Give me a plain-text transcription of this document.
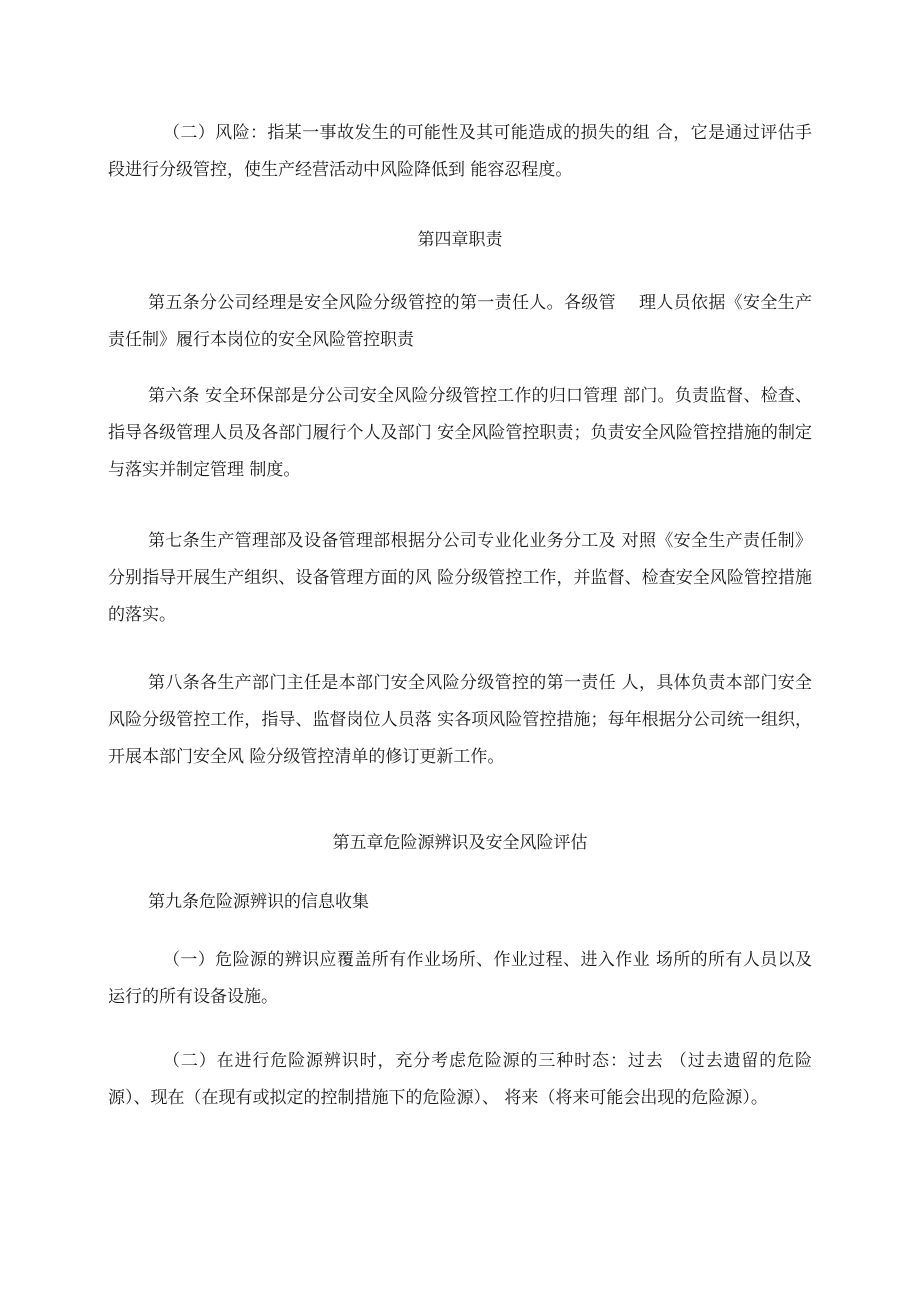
（二）风险：指某一事故发生的可能性及其可能造成的损失的组 合，它是通过评估手段进行分级管控，使生产经营活动中风险降低到 能容忍程度。

第四章职责

第五条分公司经理是安全风险分级管控的第一责任人。各级管　 理人员依据《安全生产责任制》履行本岗位的安全风险管控职责

第六条 安全环保部是分公司安全风险分级管控工作的归口管理 部门。负责监督、检查、指导各级管理人员及各部门履行个人及部门 安全风险管控职责；负责安全风险管控措施的制定与落实并制定管理 制度。

第七条生产管理部及设备管理部根据分公司专业化业务分工及 对照《安全生产责任制》分别指导开展生产组织、设备管理方面的风 险分级管控工作，并监督、检查安全风险管控措施的落实。

第八条各生产部门主任是本部门安全风险分级管控的第一责任 人，具体负责本部门安全风险分级管控工作，指导、监督岗位人员落 实各项风险管控措施；每年根据分公司统一组织，开展本部门安全风 险分级管控清单的修订更新工作。

第五章危险源辨识及安全风险评估

第九条危险源辨识的信息收集

（一）危险源的辨识应覆盖所有作业场所、作业过程、进入作业 场所的所有人员以及运行的所有设备设施。

（二）在进行危险源辨识时，充分考虑危险源的三种时态：过去 （过去遗留的危险源）、现在（在现有或拟定的控制措施下的危险源）、 将来（将来可能会出现的危险源）。
